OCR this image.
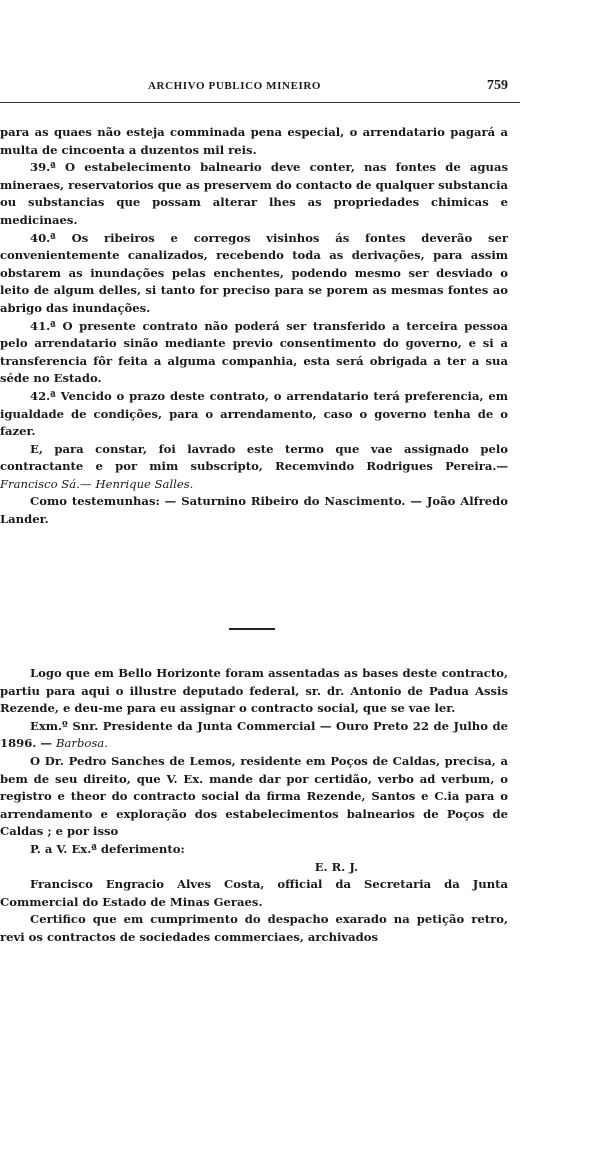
ARCHIVO PUBLICO MINEIRO	759

para as quaes não esteja comminada pena especial, o arrendatario pagará a multa de cincoenta a duzentos mil reis.

39.ª O estabelecimento balneario deve conter, nas fontes de aguas mineraes, reservatorios que as preservem do contacto de qualquer substancia ou substancias que possam alterar lhes as propriedades chimicas e medicinaes.

40.ª Os ribeiros e corregos visinhos ás fontes deverão ser convenientemente canalizados, recebendo toda as derivações, para assim obstarem as inundações pelas enchentes, podendo mesmo ser desviado o leito de algum delles, si tanto for preciso para se porem as mesmas fontes ao abrigo das inundações.

41.ª O presente contrato não poderá ser transferido a terceira pessoa pelo arrendatario sinão mediante previo consentimento do governo, e si a transferencia fôr feita a alguma companhia, esta será obrigada a ter a sua séde no Estado.

42.ª Vencido o prazo deste contrato, o arrendatario terá preferencia, em igualdade de condições, para o arrendamento, caso o governo tenha de o fazer.

E, para constar, foi lavrado este termo que vae assignado pelo contractante e por mim subscripto, Recemvindo Rodrigues Pereira.— Francisco Sá.— Henrique Salles.

Como testemunhas: — Saturnino Ribeiro do Nascimento. — João Alfredo Lander.

Logo que em Bello Horizonte foram assentadas as bases deste contracto, partiu para aqui o illustre deputado federal, sr. dr. Antonio de Padua Assis Rezende, e deu-me para eu assignar o contracto social, que se vae ler.

Exm.º Snr. Presidente da Junta Commercial — Ouro Preto 22 de Julho de 1896. — Barbosa.

O Dr. Pedro Sanches de Lemos, residente em Poços de Caldas, precisa, a bem de seu direito, que V. Ex. mande dar por certidão, verbo ad verbum, o registro e theor do contracto social da firma Rezende, Santos e C.ia para o arrendamento e exploração dos estabelecimentos balnearios de Poços de Caldas ; e por isso

P. a V. Ex.ª deferimento:

E. R. J.

Francisco Engracio Alves Costa, official da Secretaria da Junta Commercial do Estado de Minas Geraes.

Certifico que em cumprimento do despacho exarado na petição retro, revi os contractos de sociedades commerciaes, archivados
